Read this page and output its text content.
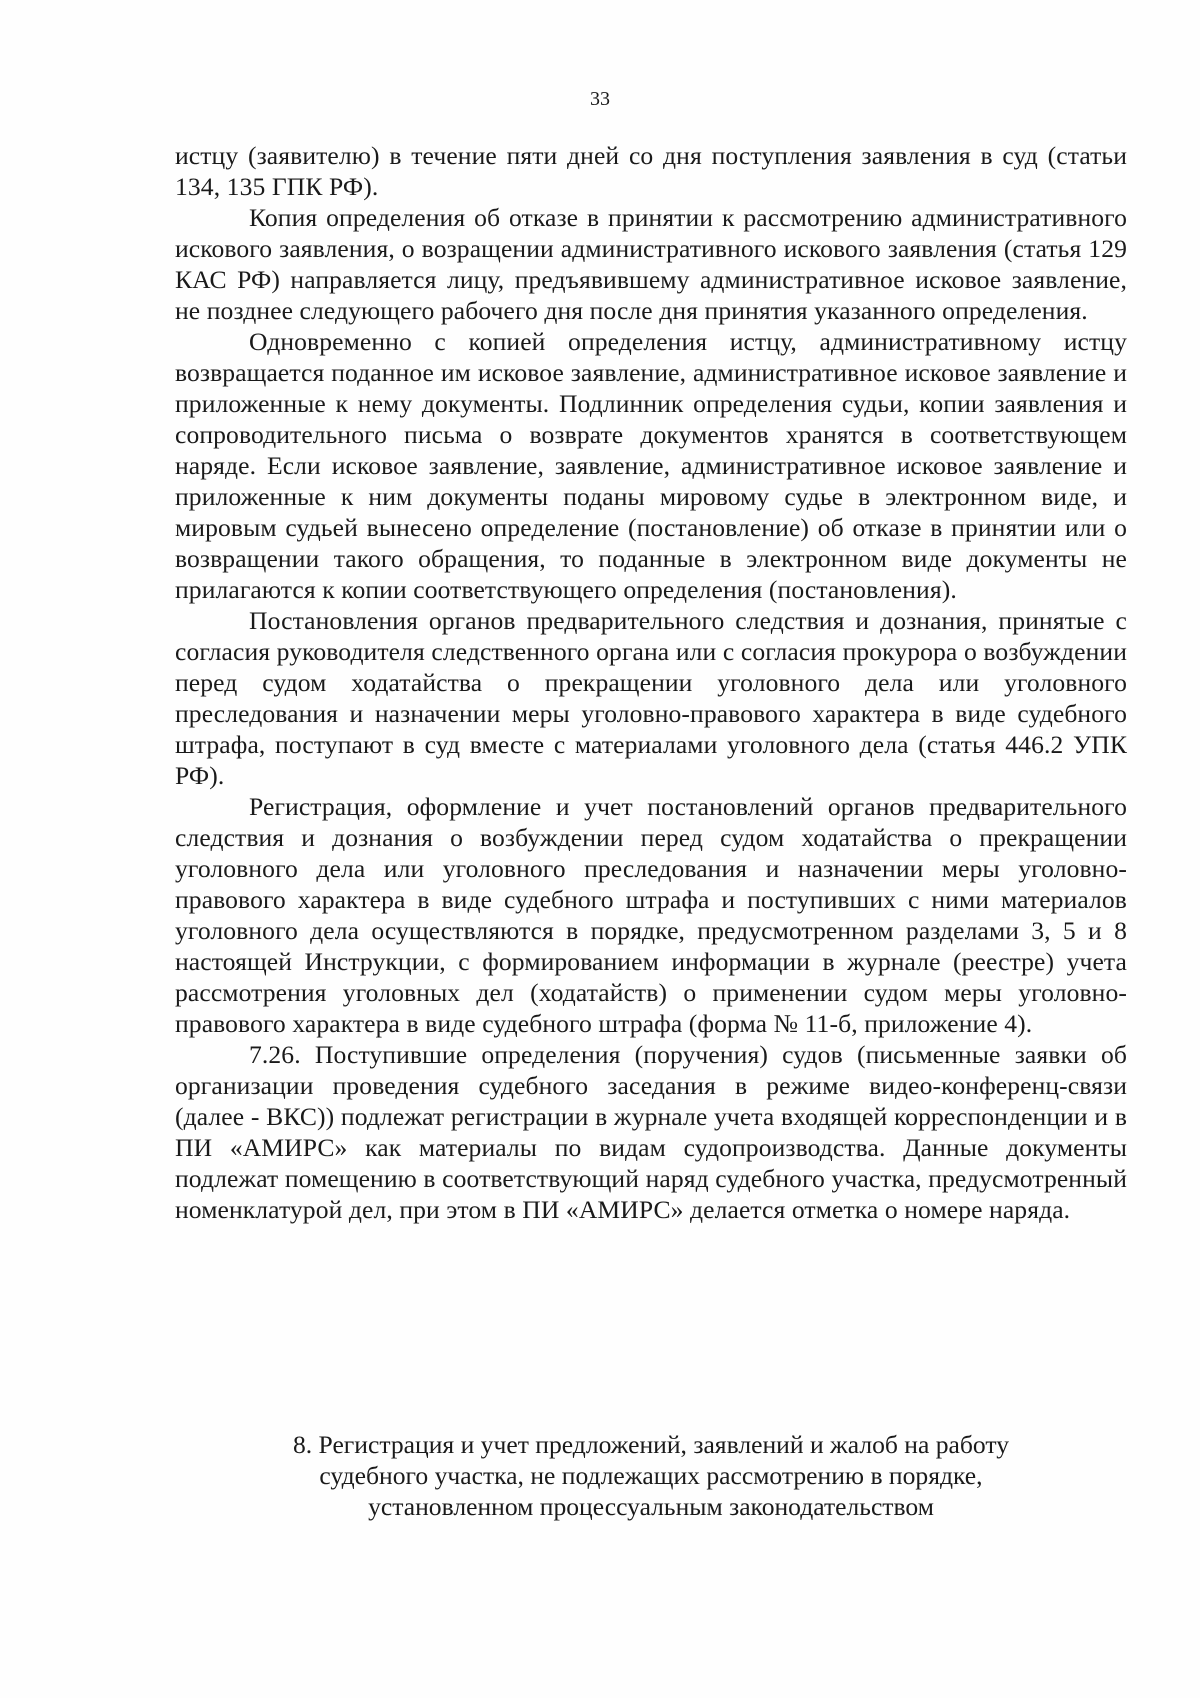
33

истцу (заявителю) в течение пяти дней со дня поступления заявления в суд (статьи 134, 135 ГПК РФ).

Копия определения об отказе в принятии к рассмотрению административного искового заявления, о возращении административного искового заявления (статья 129 КАС РФ) направляется лицу, предъявившему административное исковое заявление, не позднее следующего рабочего дня после дня принятия указанного определения.

Одновременно с копией определения истцу, административному истцу возвращается поданное им исковое заявление, административное исковое заявление и приложенные к нему документы. Подлинник определения судьи, копии заявления и сопроводительного письма о возврате документов хранятся в соответствующем наряде. Если исковое заявление, заявление, административное исковое заявление и приложенные к ним документы поданы мировому судье в электронном виде, и мировым судьей вынесено определение (постановление) об отказе в принятии или о возвращении такого обращения, то поданные в электронном виде документы не прилагаются к копии соответствующего определения (постановления).

Постановления органов предварительного следствия и дознания, принятые с согласия руководителя следственного органа или с согласия прокурора о возбуждении перед судом ходатайства о прекращении уголовного дела или уголовного преследования и назначении меры уголовно-правового характера в виде судебного штрафа, поступают в суд вместе с материалами уголовного дела (статья 446.2 УПК РФ).

Регистрация, оформление и учет постановлений органов предварительного следствия и дознания о возбуждении перед судом ходатайства о прекращении уголовного дела или уголовного преследования и назначении меры уголовно-правового характера в виде судебного штрафа и поступивших с ними материалов уголовного дела осуществляются в порядке, предусмотренном разделами 3, 5 и 8 настоящей Инструкции, с формированием информации в журнале (реестре) учета рассмотрения уголовных дел (ходатайств) о применении судом меры уголовно-правового характера в виде судебного штрафа (форма № 11-б, приложение 4).

7.26. Поступившие определения (поручения) судов (письменные заявки об организации проведения судебного заседания в режиме видео-конференц-связи (далее - ВКС)) подлежат регистрации в журнале учета входящей корреспонденции и в ПИ «АМИРС» как материалы по видам судопроизводства. Данные документы подлежат помещению в соответствующий наряд судебного участка, предусмотренный номенклатурой дел, при этом в ПИ «АМИРС» делается отметка о номере наряда.

8. Регистрация и учет предложений, заявлений и жалоб на работу
судебного участка, не подлежащих рассмотрению в порядке,
установленном процессуальным законодательством
